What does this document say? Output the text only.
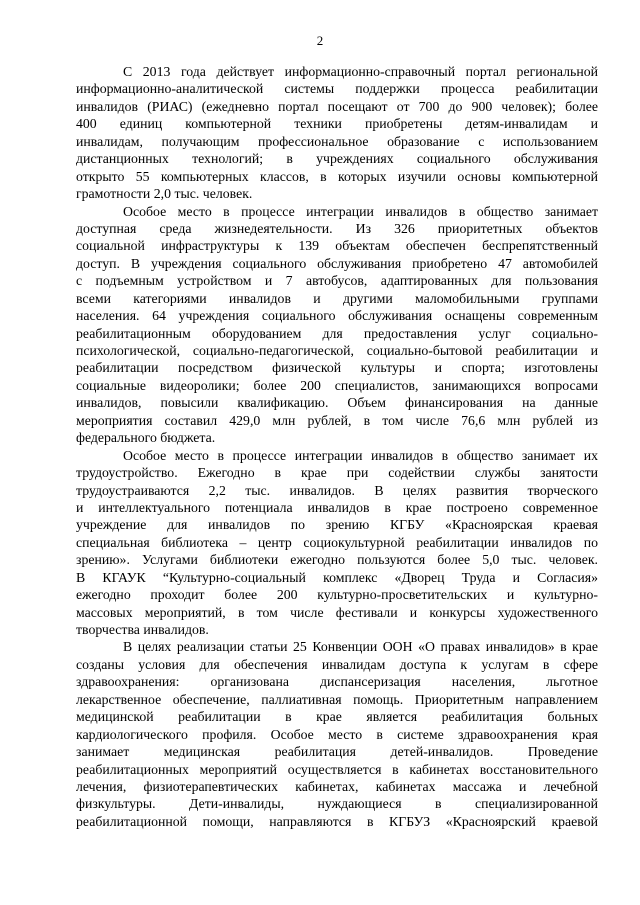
2
С 2013 года действует информационно-справочный портал региональной
информационно-аналитической системы поддержки процесса реабилитации
инвалидов (РИАС) (ежедневно портал посещают от 700 до 900 человек); более
400 единиц компьютерной техники приобретены детям-инвалидам и
инвалидам, получающим профессиональное образование с использованием
дистанционных технологий; в учреждениях социального обслуживания
открыто 55 компьютерных классов, в которых изучили основы компьютерной
грамотности 2,0 тыс. человек.
Особое место в процессе интеграции инвалидов в общество занимает
доступная среда жизнедеятельности. Из 326 приоритетных объектов
социальной инфраструктуры к 139 объектам обеспечен беспрепятственный
доступ. В учреждения социального обслуживания приобретено 47 автомобилей
с подъемным устройством и 7 автобусов, адаптированных для пользования
всеми категориями инвалидов и другими маломобильными группами
населения. 64 учреждения социального обслуживания оснащены современным
реабилитационным оборудованием для предоставления услуг социально-
психологической, социально-педагогической, социально-бытовой реабилитации и
реабилитации посредством физической культуры и спорта; изготовлены
социальные видеоролики; более 200 специалистов, занимающихся вопросами
инвалидов, повысили квалификацию. Объем финансирования на данные
мероприятия составил 429,0 млн рублей, в том числе 76,6 млн рублей из
федерального бюджета.
Особое место в процессе интеграции инвалидов в общество занимает их
трудоустройство. Ежегодно в крае при содействии службы занятости
трудоустраиваются 2,2 тыс. инвалидов. В целях развития творческого
и интеллектуального потенциала инвалидов в крае построено современное
учреждение для инвалидов по зрению КГБУ «Красноярская краевая
специальная библиотека – центр социокультурной реабилитации инвалидов по
зрению». Услугами библиотеки ежегодно пользуются более 5,0 тыс. человек.
В КГАУК “Культурно-социальный комплекс «Дворец Труда и Согласия»
ежегодно проходит более 200 культурно-просветительских и культурно-
массовых мероприятий, в том числе фестивали и конкурсы художественного
творчества инвалидов.
В целях реализации статьи 25 Конвенции ООН «О правах инвалидов» в крае
созданы условия для обеспечения инвалидам доступа к услугам в сфере
здравоохранения: организована диспансеризация населения, льготное
лекарственное обеспечение, паллиативная помощь. Приоритетным направлением
медицинской реабилитации в крае является реабилитация больных
кардиологического профиля. Особое место в системе здравоохранения края
занимает медицинская реабилитация детей-инвалидов. Проведение
реабилитационных мероприятий осуществляется в кабинетах восстановительного
лечения, физиотерапевтических кабинетах, кабинетах массажа и лечебной
физкультуры. Дети-инвалиды, нуждающиеся в специализированной
реабилитационной помощи, направляются в КГБУЗ «Красноярский краевой
